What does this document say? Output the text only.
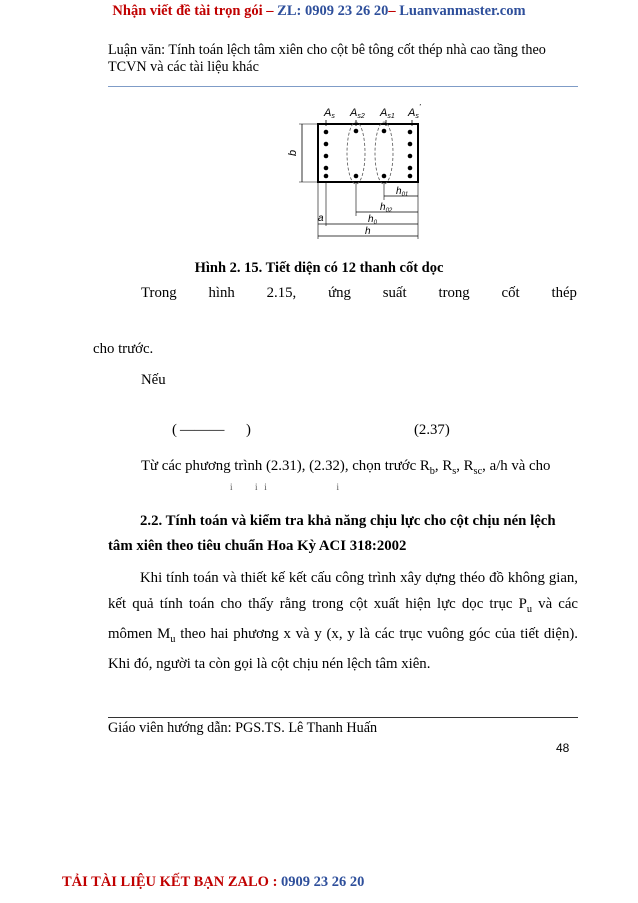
Nhận viết đề tài trọn gói – ZL: 0909 23 26 20– Luanvanmaster.com
Luận văn: Tính toán lệch tâm xiên cho cột bê tông cốt thép nhà cao tầng theo
TCVN và các tài liệu khác
As As2 As1 As'
b
$h_{01}$
$h_{02}$
a	$h_0$
h
Hình 2. 15. Tiết diện có 12 thanh cốt dọc
Trong hình 2.15, ứng suất trong cốt thép
cho trước.
Nếu
( ——— )	(2.37)
Từ các phương trình (2.31), (2.32), chọn trước $R_b$, $R_s$, $R_{sc}$, a/h và cho
i          i   i                               i
2.2. Tính toán và kiểm tra khả năng chịu lực cho cột chịu nén lệch
tâm xiên theo tiêu chuẩn Hoa Kỳ ACI 318:2002
Khi tính toán và thiết kế kết cấu công trình xây dựng théo đồ không gian, kết quả tính toán cho thấy rằng trong cột xuất hiện lực dọc trục $P_u$ và các mômen $M_u$ theo hai phương x và y (x, y là các trục vuông góc của tiết diện). Khi đó, người ta còn gọi là cột chịu nén lệch tâm xiên.
Giáo viên hướng dẫn: PGS.TS. Lê Thanh Huấn
48
TẢI TÀI LIỆU KẾT BẠN ZALO : 0909 23 26 20
